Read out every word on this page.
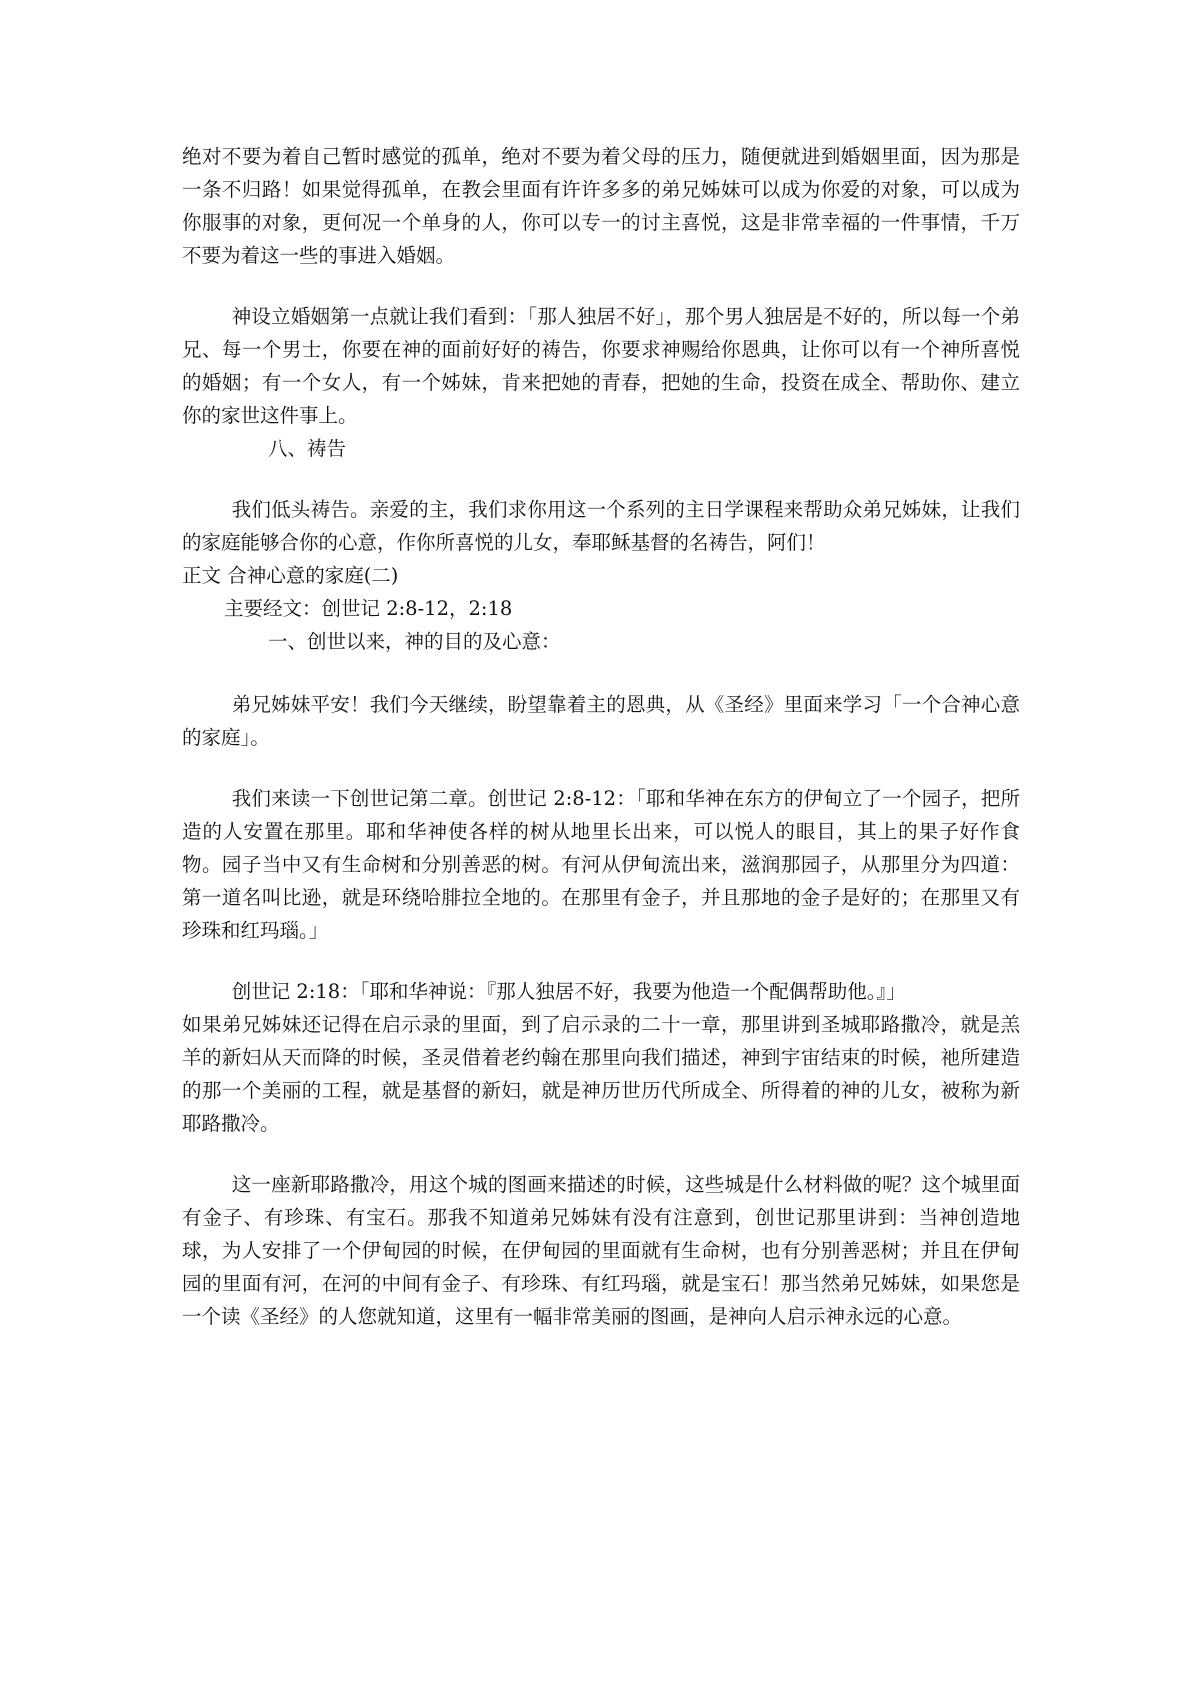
绝对不要为着自己暂时感觉的孤单，绝对不要为着父母的压力，随便就进到婚姻里面，因为那是一条不归路！如果觉得孤单，在教会里面有许许多多的弟兄姊妹可以成为你爱的对象，可以成为你服事的对象，更何况一个单身的人，你可以专一的讨主喜悦，这是非常幸福的一件事情，千万不要为着这一些的事进入婚姻。

神设立婚姻第一点就让我们看到：「那人独居不好」，那个男人独居是不好的，所以每一个弟兄、每一个男士，你要在神的面前好好的祷告，你要求神赐给你恩典，让你可以有一个神所喜悦的婚姻；有一个女人，有一个姊妹，肯来把她的青春，把她的生命，投资在成全、帮助你、建立你的家世这件事上。

八、祷告

我们低头祷告。亲爱的主，我们求你用这一个系列的主日学课程来帮助众弟兄姊妹，让我们的家庭能够合你的心意，作你所喜悦的儿女，奉耶稣基督的名祷告，阿们！

正文 合神心意的家庭(二)

主要经文：创世记 2:8-12，2:18

一、创世以来，神的目的及心意：

弟兄姊妹平安！我们今天继续，盼望靠着主的恩典，从《圣经》里面来学习「一个合神心意的家庭」。

我们来读一下创世记第二章。创世记 2:8-12：「耶和华神在东方的伊甸立了一个园子，把所造的人安置在那里。耶和华神使各样的树从地里长出来，可以悦人的眼目，其上的果子好作食物。园子当中又有生命树和分别善恶的树。有河从伊甸流出来，滋润那园子，从那里分为四道：第一道名叫比逊，就是环绕哈腓拉全地的。在那里有金子，并且那地的金子是好的；在那里又有珍珠和红玛瑙。」

创世记 2:18：「耶和华神说：『那人独居不好，我要为他造一个配偶帮助他。』」

如果弟兄姊妹还记得在启示录的里面，到了启示录的二十一章，那里讲到圣城耶路撒冷，就是羔羊的新妇从天而降的时候，圣灵借着老约翰在那里向我们描述，神到宇宙结束的时候，祂所建造的那一个美丽的工程，就是基督的新妇，就是神历世历代所成全、所得着的神的儿女，被称为新耶路撒冷。

这一座新耶路撒冷，用这个城的图画来描述的时候，这些城是什么材料做的呢？这个城里面有金子、有珍珠、有宝石。那我不知道弟兄姊妹有没有注意到，创世记那里讲到：当神创造地球，为人安排了一个伊甸园的时候，在伊甸园的里面就有生命树，也有分别善恶树；并且在伊甸园的里面有河，在河的中间有金子、有珍珠、有红玛瑙，就是宝石！那当然弟兄姊妹，如果您是一个读《圣经》的人您就知道，这里有一幅非常美丽的图画，是神向人启示神永远的心意。
